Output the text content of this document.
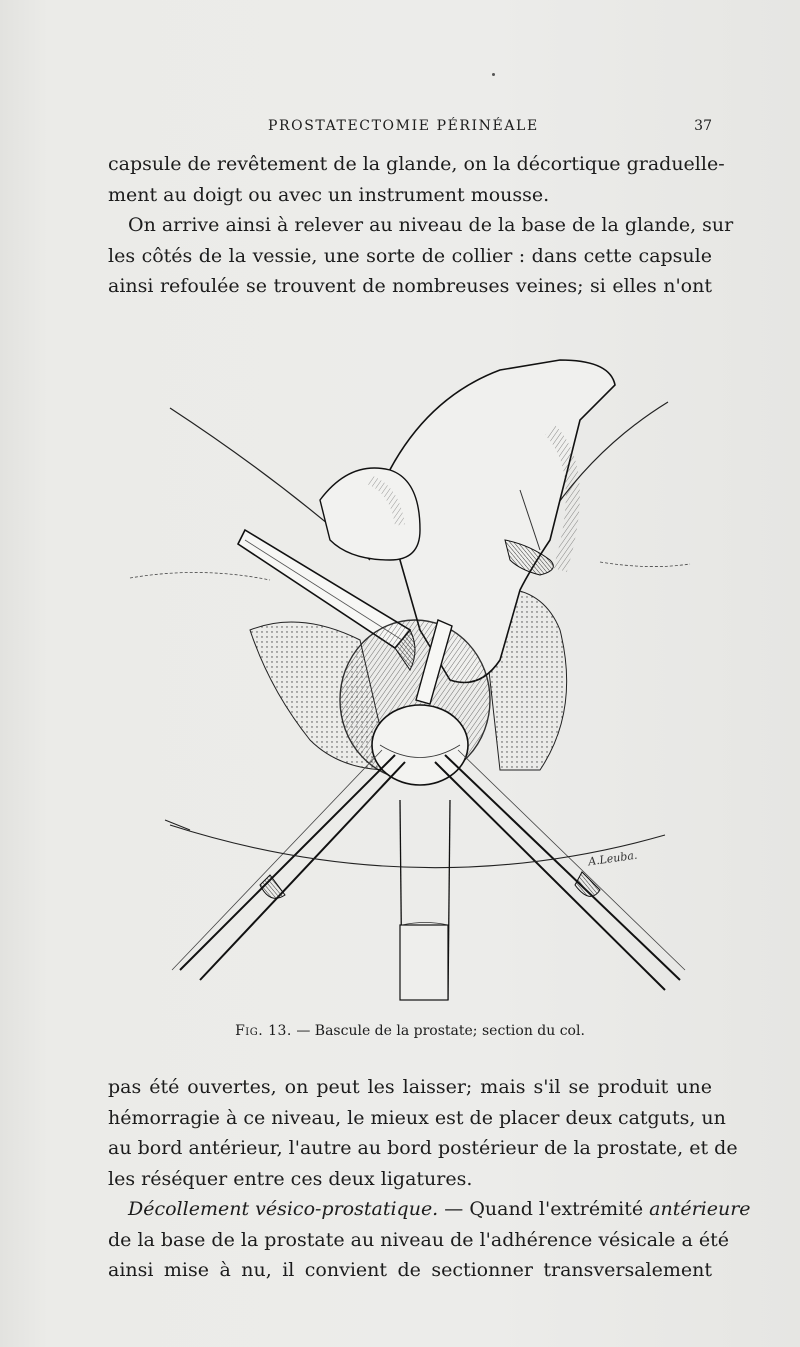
PROSTATECTOMIE PÉRINÉALE	37
capsule de revêtement de la glande, on la décortique graduelle-
ment au doigt ou avec un instrument mousse.
On arrive ainsi à relever au niveau de la base de la glande, sur
les côtés de la vessie, une sorte de collier : dans cette capsule
ainsi refoulée se trouvent de nombreuses veines; si elles n'ont
A.Leuba.
Fig. 13. — Bascule de la prostate; section du col.
pas été ouvertes, on peut les laisser; mais s'il se produit une
hémorragie à ce niveau, le mieux est de placer deux catguts, un
au bord antérieur, l'autre au bord postérieur de la prostate, et de
les réséquer entre ces deux ligatures.
Décollement vésico-prostatique. — Quand l'extrémité antérieure
de la base de la prostate au niveau de l'adhérence vésicale a été
ainsi mise à nu, il convient de sectionner transversalement
